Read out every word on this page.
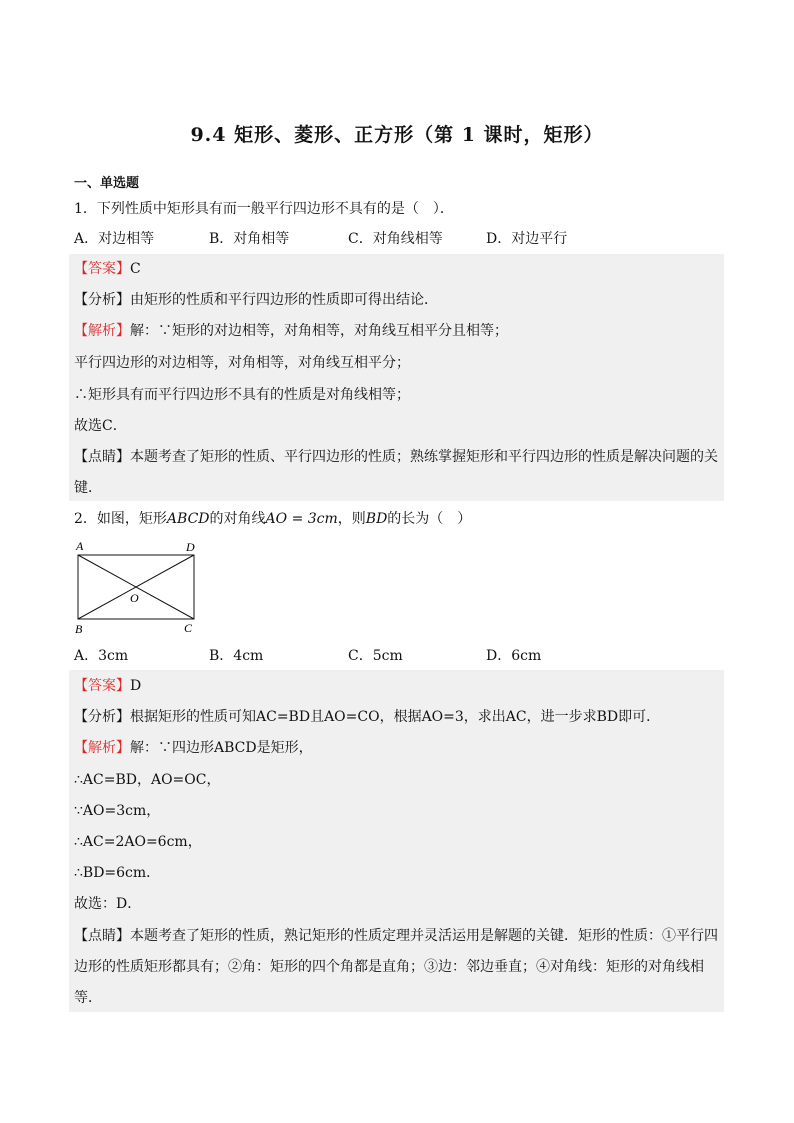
9.4 矩形、菱形、正方形（第 1 课时，矩形）
一、单选题
1．下列性质中矩形具有而一般平行四边形不具有的是（　）．
A．对边相等	B．对角相等	C．对角线相等	D．对边平行
【答案】C
【分析】由矩形的性质和平行四边形的性质即可得出结论．
【解析】解：∵矩形的对边相等，对角相等，对角线互相平分且相等；
平行四边形的对边相等，对角相等，对角线互相平分；
∴矩形具有而平行四边形不具有的性质是对角线相等；
故选C．
【点睛】本题考查了矩形的性质、平行四边形的性质；熟练掌握矩形和平行四边形的性质是解决问题的关键．
2．如图，矩形ABCD的对角线AO = 3cm，则BD的长为（　）
A	D
B	C
O
A．3cm	B．4cm	C．5cm	D．6cm
【答案】D
【分析】根据矩形的性质可知AC=BD且AO=CO，根据AO=3，求出AC，进一步求BD即可．
【解析】解：∵四边形ABCD是矩形，
∴AC=BD，AO=OC，
∵AO=3cm，
∴AC=2AO=6cm，
∴BD=6cm．
故选：D．
【点睛】本题考查了矩形的性质，熟记矩形的性质定理并灵活运用是解题的关键．矩形的性质：①平行四边形的性质矩形都具有；②角：矩形的四个角都是直角；③边：邻边垂直；④对角线：矩形的对角线相等．
